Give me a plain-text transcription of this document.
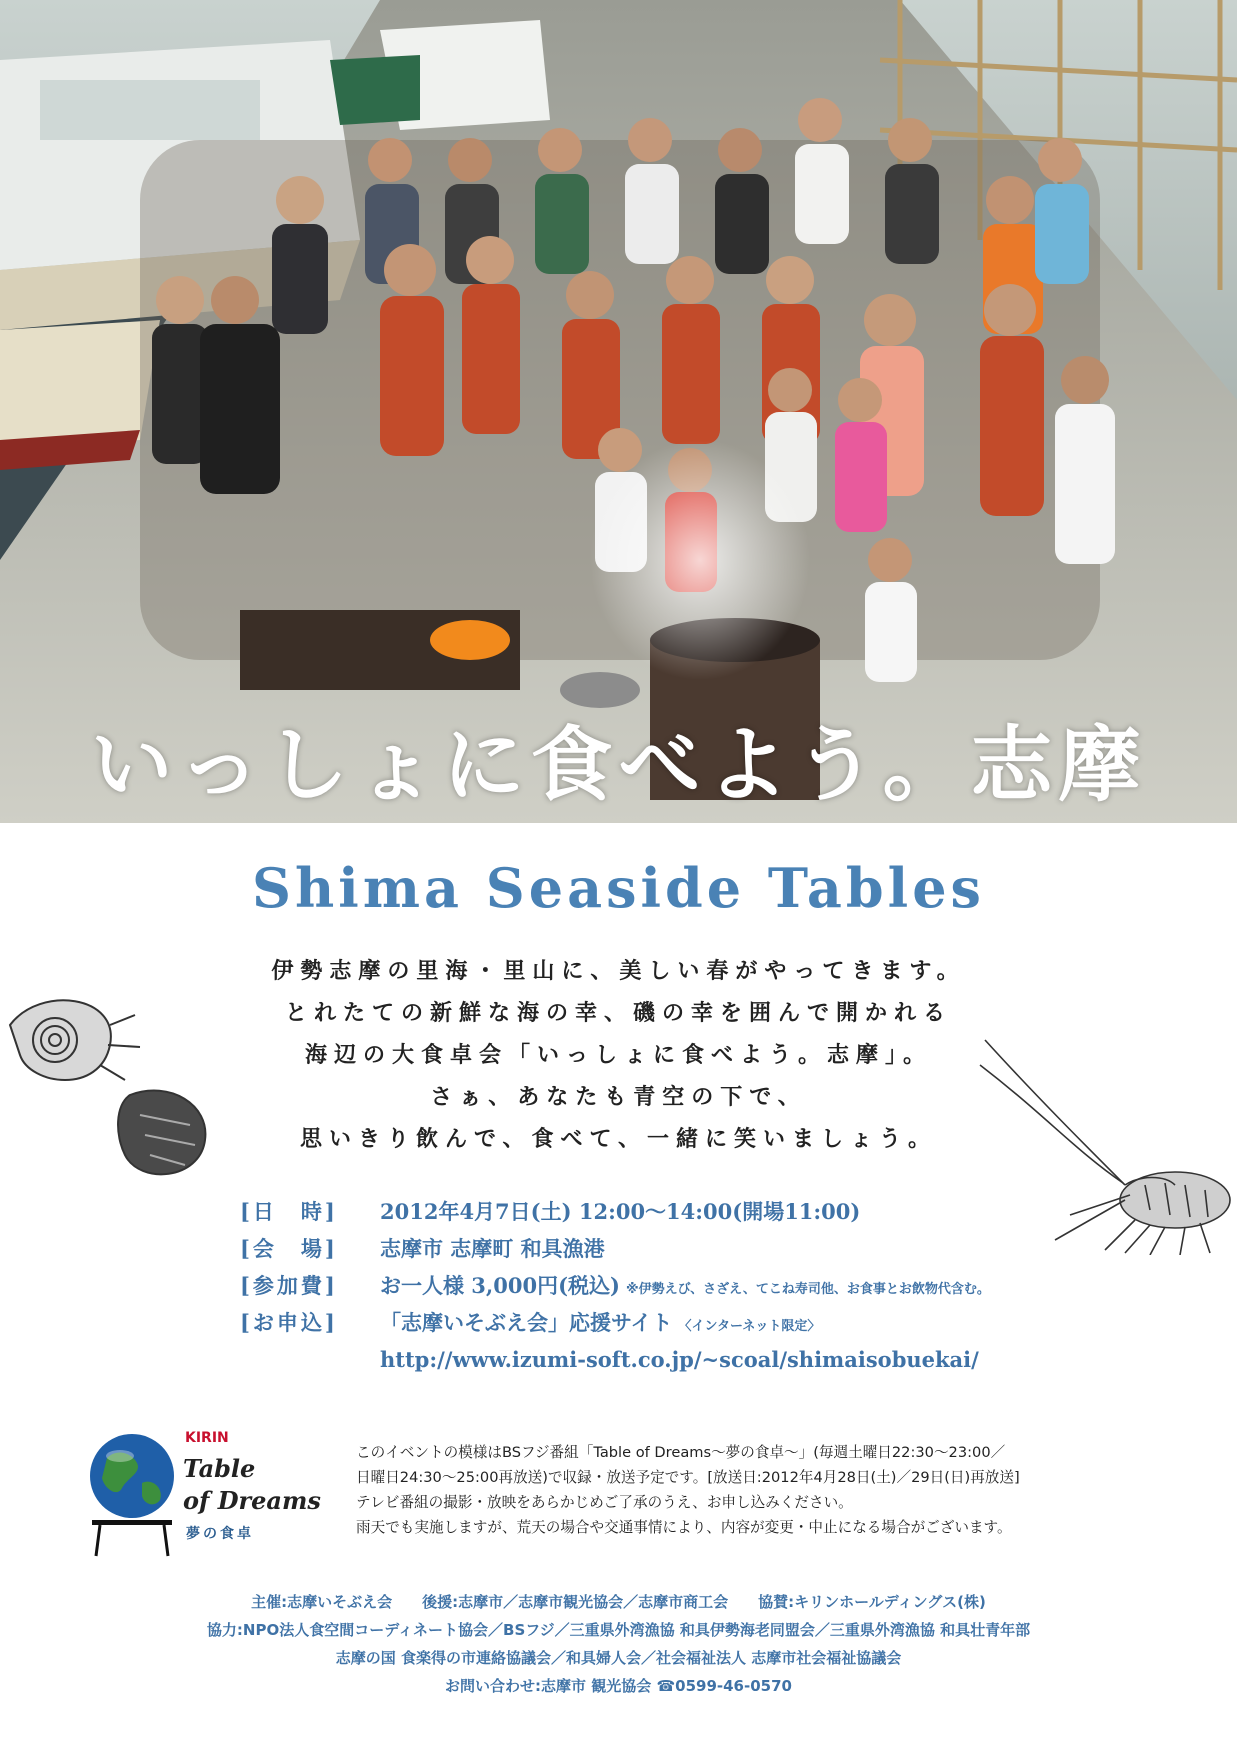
いっしょに食べよう。志摩
Shima Seaside Tables
伊勢志摩の里海・里山に、美しい春がやってきます。
とれたての新鮮な海の幸、磯の幸を囲んで開かれる
海辺の大食卓会「いっしょに食べよう。志摩」。
さぁ、あなたも青空の下で、
思いきり飲んで、食べて、一緒に笑いましょう。
[日　時] 2012年4月7日(土) 12:00〜14:00(開場11:00)
[会　場] 志摩市 志摩町 和具漁港
[参加費] お一人様 3,000円(税込) ※伊勢えび、さざえ、てこね寿司他、お食事とお飲物代含む。
[お申込] 「志摩いそぶえ会」応援サイト 〈インターネット限定〉
http://www.izumi-soft.co.jp/~scoal/shimaisobuekai/
KIRIN
Table
of Dreams
夢の食卓
このイベントの模様はBSフジ番組「Table of Dreams〜夢の食卓〜」(毎週土曜日22:30〜23:00／
日曜日24:30〜25:00再放送)で収録・放送予定です。[放送日:2012年4月28日(土)／29日(日)再放送]
テレビ番組の撮影・放映をあらかじめご了承のうえ、お申し込みください。
雨天でも実施しますが、荒天の場合や交通事情により、内容が変更・中止になる場合がございます。
主催:志摩いそぶえ会　　後援:志摩市／志摩市観光協会／志摩市商工会　　協賛:キリンホールディングス(株)
協力:NPO法人食空間コーディネート協会／BSフジ／三重県外湾漁協 和具伊勢海老同盟会／三重県外湾漁協 和具壮青年部
志摩の国 食楽得の市連絡協議会／和具婦人会／社会福祉法人 志摩市社会福祉協議会
お問い合わせ:志摩市 観光協会 ☎0599-46-0570
